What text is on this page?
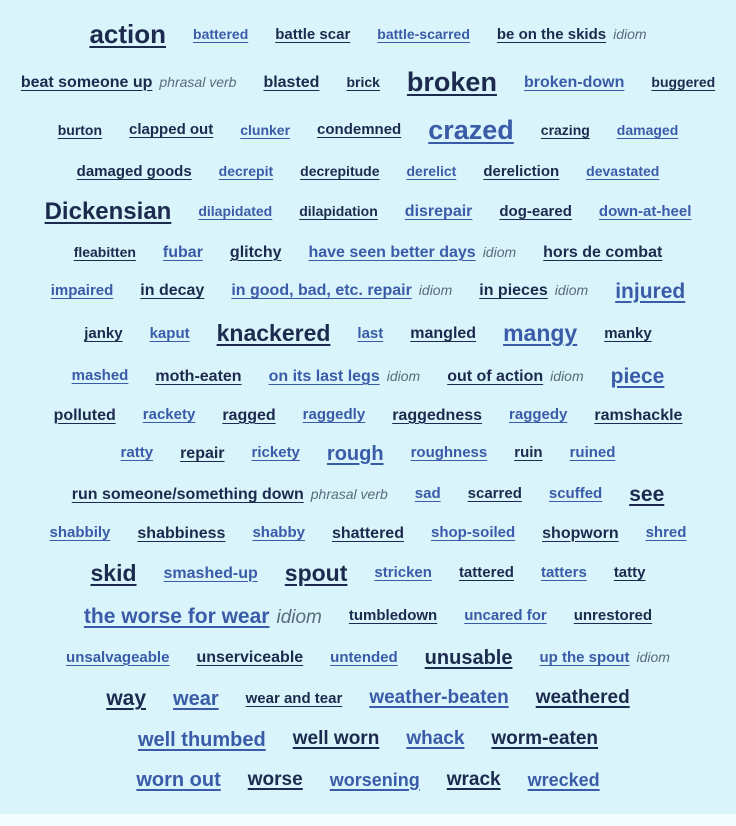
action battered battle scar battle-scarred be on the skids idiom
beat someone up phrasal verb blasted brick broken broken-down buggered
burton clapped out clunker condemned crazed crazing damaged
damaged goods decrepit decrepitude derelict dereliction devastated
Dickensian dilapidated dilapidation disrepair dog-eared down-at-heel
fleabitten fubar glitchy have seen better days idiom hors de combat
impaired in decay in good, bad, etc. repair idiom in pieces idiom injured
janky kaput knackered last mangled mangy manky
mashed moth-eaten on its last legs idiom out of action idiom piece
polluted rackety ragged raggedly raggedness raggedy ramshackle
ratty repair rickety rough roughness ruin ruined
run someone/something down phrasal verb sad scarred scuffed see
shabbily shabbiness shabby shattered shop-soiled shopworn shred
skid smashed-up spout stricken tattered tatters tatty
the worse for wear idiom tumbledown uncared for unrestored
unsalvageable unserviceable untended unusable up the spout idiom
way wear wear and tear weather-beaten weathered
well thumbed well worn whack worm-eaten
worn out worse worsening wrack wrecked
